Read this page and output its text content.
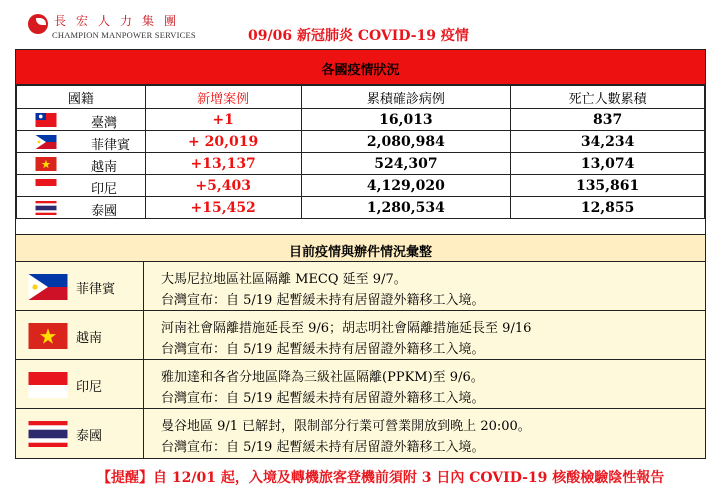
長宏人力集團
CHAMPION MANPOWER SERVICES	09/06 新冠肺炎 COVID-19 疫情
各國疫情狀況
國籍	新增案例	累積確診病例	死亡人數累積

臺灣	+1	16,013	837

菲律賓	+ 20,019	2,080,984	34,234

越南	+13,137	524,307	13,074

印尼	+5,403	4,129,020	135,861

泰國	+15,452	1,280,534	12,855
目前疫情與辦件情況彙整
菲律賓
大馬尼拉地區社區隔離 MECQ 延至 9/7。
台灣宣布：自 5/19 起暫緩未持有居留證外籍移工入境。
越南
河南社會隔離措施延長至 9/6；胡志明社會隔離措施延長至 9/16
台灣宣布：自 5/19 起暫緩未持有居留證外籍移工入境。
印尼
雅加達和各省分地區降為三級社區隔離(PPKM)至 9/6。
台灣宣布：自 5/19 起暫緩未持有居留證外籍移工入境。
泰國
曼谷地區 9/1 已解封，限制部分行業可營業開放到晚上 20:00。
台灣宣布：自 5/19 起暫緩未持有居留證外籍移工入境。
【提醒】自 12/01 起，入境及轉機旅客登機前須附 3 日內 COVID-19 核酸檢驗陰性報告
